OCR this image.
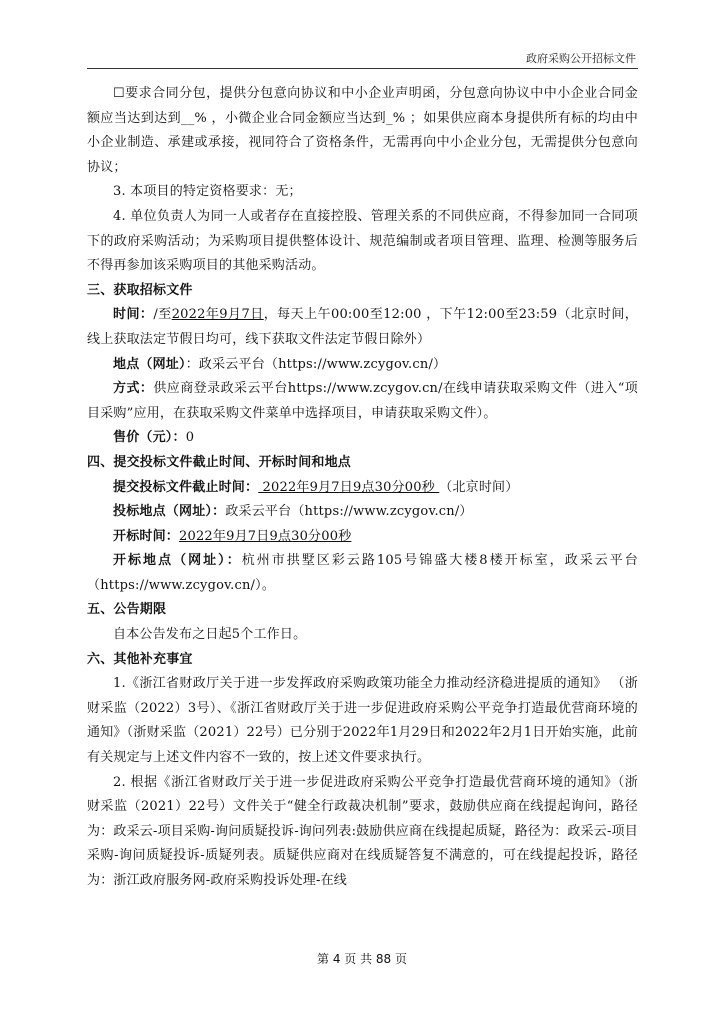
政府采购公开招标文件

☐要求合同分包，提供分包意向协议和中小企业声明函，分包意向协议中中小企业合同金额应当达到达到__% ，小微企业合同金额应当达到_% ；如果供应商本身提供所有标的均由中小企业制造、承建或承接，视同符合了资格条件，无需再向中小企业分包，无需提供分包意向协议；

3. 本项目的特定资格要求：无；

4. 单位负责人为同一人或者存在直接控股、管理关系的不同供应商，不得参加同一合同项下的政府采购活动；为采购项目提供整体设计、规范编制或者项目管理、监理、检测等服务后不得再参加该采购项目的其他采购活动。

三、获取招标文件

时间：/至2022年9月7日，每天上午00:00至12:00 ，下午12:00至23:59（北京时间，线上获取法定节假日均可，线下获取文件法定节假日除外）

地点（网址）：政采云平台（https://www.zcygov.cn/）

方式：供应商登录政采云平台https://www.zcygov.cn/在线申请获取采购文件（进入“项目采购”应用，在获取采购文件菜单中选择项目，申请获取采购文件）。

售价（元）：0

四、提交投标文件截止时间、开标时间和地点

提交投标文件截止时间： 2022年9月7日9点30分00秒 （北京时间）

投标地点（网址）：政采云平台（https://www.zcygov.cn/）

开标时间：2022年9月7日9点30分00秒

开标地点（网址）：杭州市拱墅区彩云路105号锦盛大楼8楼开标室，政采云平台（https://www.zcygov.cn/）。

五、公告期限

自本公告发布之日起5个工作日。

六、其他补充事宜

1.《浙江省财政厅关于进一步发挥政府采购政策功能全力推动经济稳进提质的通知》 （浙财采监（2022）3号）、《浙江省财政厅关于进一步促进政府采购公平竞争打造最优营商环境的通知》（浙财采监（2021）22号）已分别于2022年1月29日和2022年2月1日开始实施，此前有关规定与上述文件内容不一致的，按上述文件要求执行。

2. 根据《浙江省财政厅关于进一步促进政府采购公平竞争打造最优营商环境的通知》（浙财采监（2021）22号）文件关于“健全行政裁决机制”要求，鼓励供应商在线提起询问，路径为：政采云-项目采购-询问质疑投诉-询问列表:鼓励供应商在线提起质疑，路径为：政采云-项目采购-询问质疑投诉-质疑列表。质疑供应商对在线质疑答复不满意的，可在线提起投诉，路径为：浙江政府服务网-政府采购投诉处理-在线

第 4 页 共 88 页
